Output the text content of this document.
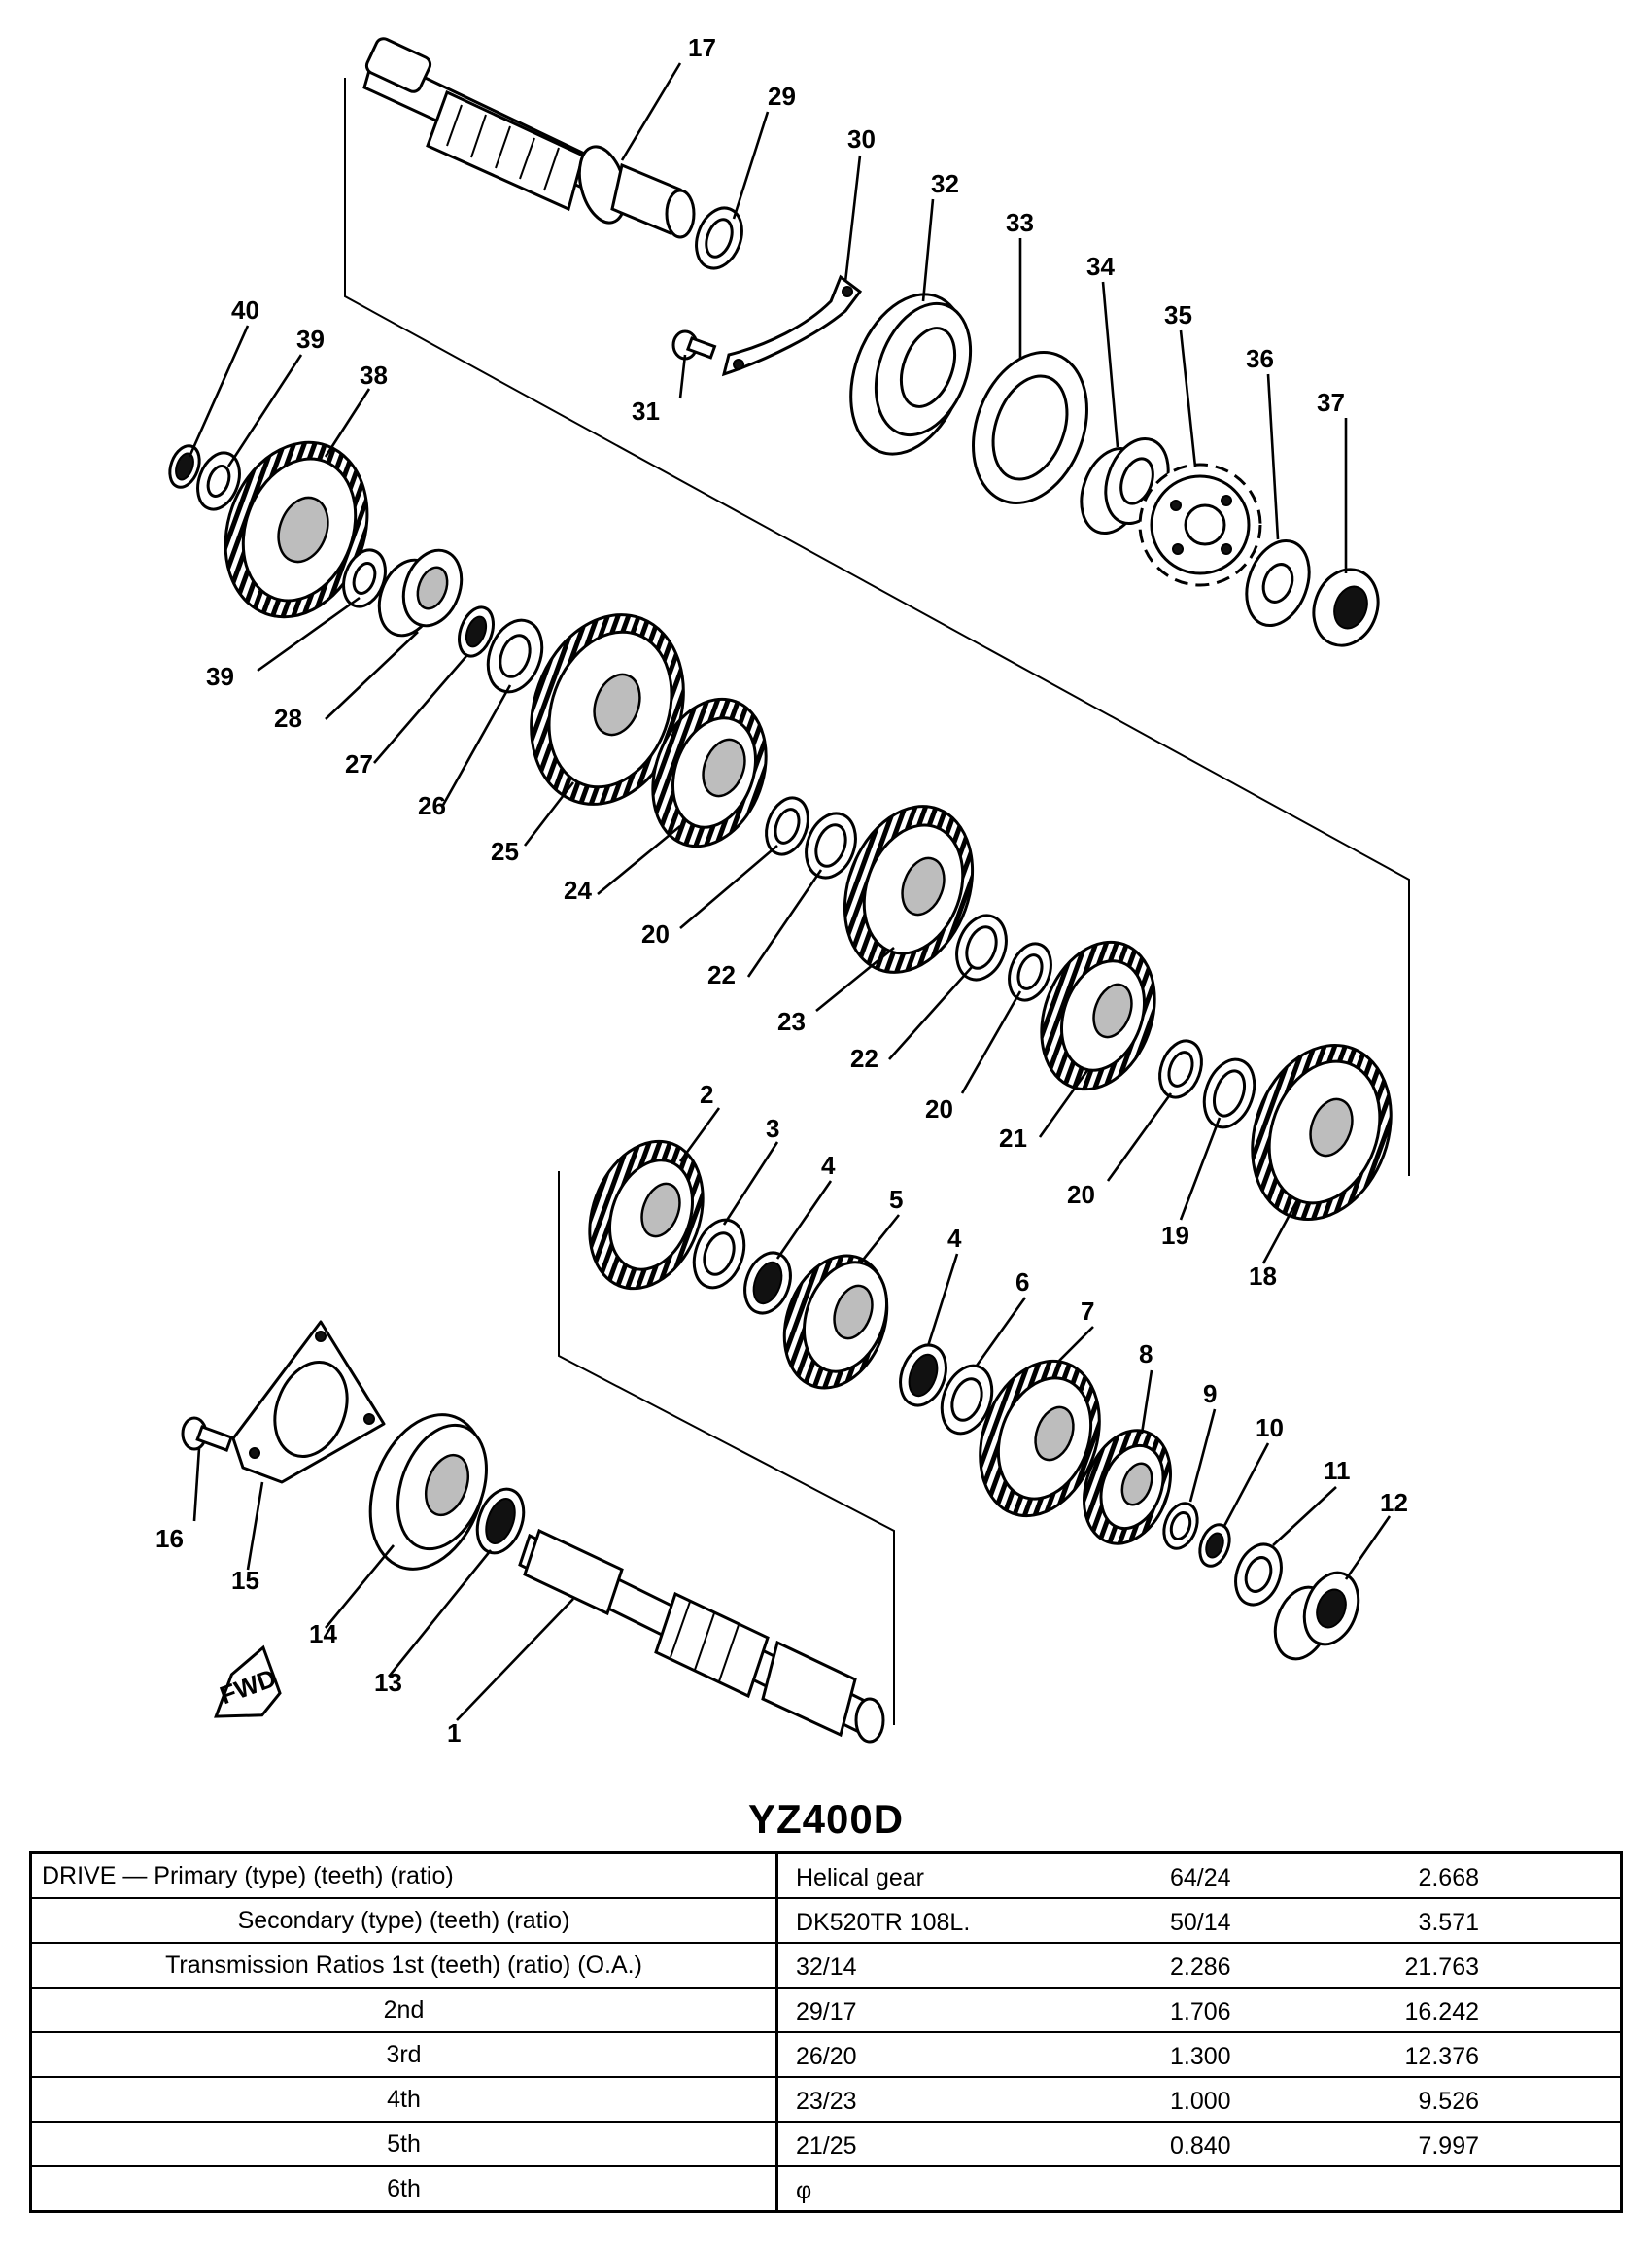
FWD
1
2
3
4
4
5
6
7
8
9
10
11
12
13
14
15
16
17
18
19
20
20
20
21
22
22
23
24
25
26
27
28
29
30
31
32
33
34
35
36
37
38
39
39
40
YZ400D
DRIVE — Primary (type) (teeth) (ratio)	Helical gear 64/24 2.668

Secondary (type) (teeth) (ratio)	DK520TR 108L. 50/14 3.571

Transmission Ratios 1st (teeth) (ratio) (O.A.)	32/14 2.286 21.763

2nd	29/17 1.706 16.242

3rd	26/20 1.300 12.376

4th	23/23 1.000 9.526

5th	21/25 0.840 7.997

6th	φ
